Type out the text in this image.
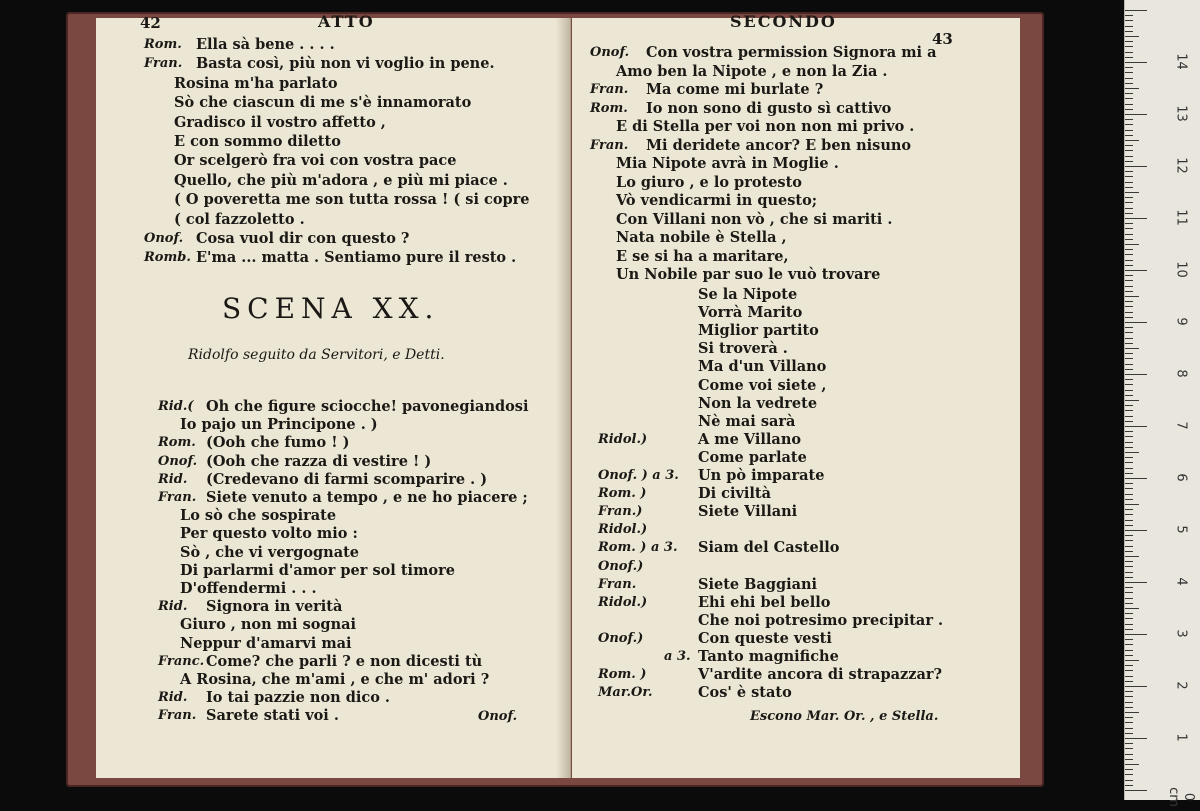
42	ATTO
Rom. Ella sà bene . . . .
Fran. Basta così, più non vi voglio in pene.
Rosina m'ha parlato
Sò che ciascun di me s'è innamorato
Gradisco il vostro affetto ,
E con sommo diletto
Or scelgerò fra voi con vostra pace
Quello, che più m'adora , e più mi piace .
( O poveretta me son tutta rossa ! ( si copre
( col fazzoletto .
Onof. Cosa vuol dir con questo ?
Romb. E'ma ... matta . Sentiamo pure il resto .
SCENA XX.
Ridolfo seguito da Servitori, e Detti.
Rid.( Oh che figure sciocche! pavonegiandosi
Io pajo un Principone . )
Rom. (Ooh che fumo ! )
Onof. (Ooh che razza di vestire ! )
Rid. (Credevano di farmi scomparire . )
Fran. Siete venuto a tempo , e ne ho piacere ;
Lo sò che sospirate
Per questo volto mio :
Sò , che vi vergognate
Di parlarmi d'amor per sol timore
D'offendermi . . .
Rid. Signora in verità
Giuro , non mi sognai
Neppur d'amarvi mai
Franc. Come? che parli ? e non dicesti tù
A Rosina, che m'ami , e che m' adori ?
Rid. Io tai pazzie non dico .
Fran. Sarete stati voi .	Onof.
SECONDO
43
Onof. Con vostra permission Signora mi a
Amo ben la Nipote , e non la Zia .
Fran. Ma come mi burlate ?
Rom. Io non sono di gusto sì cattivo
E di Stella per voi non non mi privo .
Fran. Mi deridete ancor? E ben nisuno
Mia Nipote avrà in Moglie .
Lo giuro , e lo protesto
Vò vendicarmi in questo;
Con Villani non vò , che si mariti .
Nata nobile è Stella ,
E se si ha a maritare,
Un Nobile par suo le vuò trovare
Se la Nipote
Vorrà Marito
Miglior partito
Si troverà .
Ma d'un Villano
Come voi siete ,
Non la vedrete
Nè mai sarà
Ridol.)	A me Villano
Come parlate
Onof. ) a 3. Un pò imparate
Rom. )	Di civiltà
Fran.)	Siete Villani
Ridol.)
Rom. ) a 3. Siam del Castello
Onof.)
Fran.	Siete Baggiani
Ridol.)	Ehi ehi bel bello
Che noi potresimo precipitar .
Onof.)	Con queste vesti
a 3. Tanto magnifiche
Rom. )	V'ardite ancora di strapazzar?
Mar.Or.	Cos' è stato
Escono Mar. Or. , e Stella.
14
13
12
11
10
9
8
7
6
5
4
3
2
1
0 cm
